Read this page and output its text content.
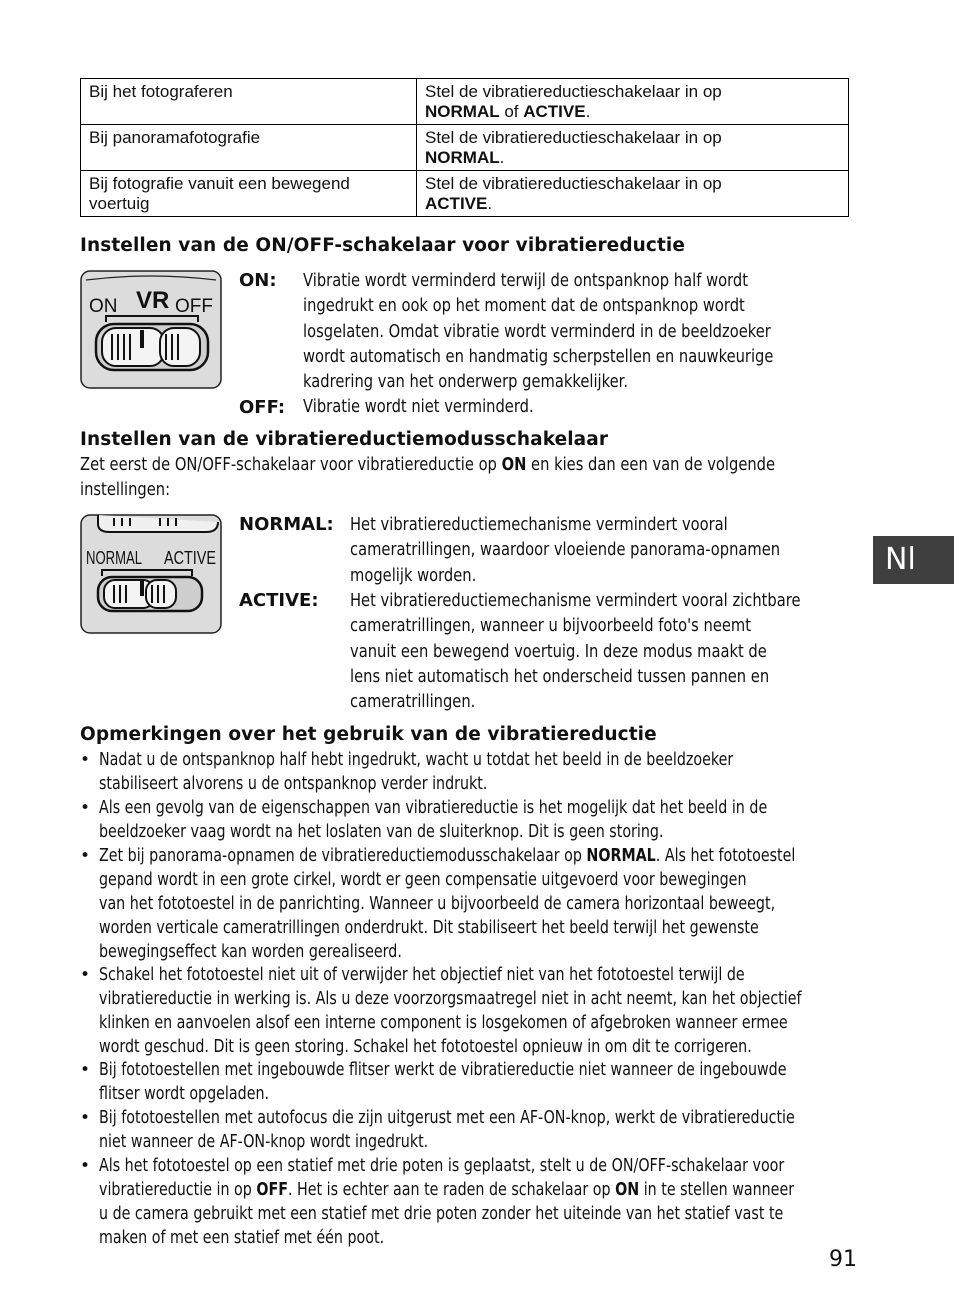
Bij het fotograferen	Stel de vibratiereductieschakelaar in op
NORMAL of ACTIVE.
Bij panoramafotografie	Stel de vibratiereductieschakelaar in op
NORMAL.
Bij fotografie vanuit een bewegend voertuig	Stel de vibratiereductieschakelaar in op
ACTIVE.
Instellen van de ON/OFF-schakelaar voor vibratiereductie
ON VR OFF
ON: Vibratie wordt verminderd terwijl de ontspanknop half wordt
ingedrukt en ook op het moment dat de ontspanknop wordt
losgelaten. Omdat vibratie wordt verminderd in de beeldzoeker
wordt automatisch en handmatig scherpstellen en nauwkeurige
kadrering van het onderwerp gemakkelijker.
OFF: Vibratie wordt niet verminderd.
Instellen van de vibratiereductiemodusschakelaar
Zet eerst de ON/OFF-schakelaar voor vibratiereductie op ON en kies dan een van de volgende
instellingen:
NORMAL ACTIVE
NORMAL: Het vibratiereductiemechanisme vermindert vooral
cameratrillingen, waardoor vloeiende panorama-opnamen
mogelijk worden.
ACTIVE: Het vibratiereductiemechanisme vermindert vooral zichtbare
cameratrillingen, wanneer u bijvoorbeeld foto's neemt
vanuit een bewegend voertuig. In deze modus maakt de
lens niet automatisch het onderscheid tussen pannen en
cameratrillingen.
Opmerkingen over het gebruik van de vibratiereductie
• Nadat u de ontspanknop half hebt ingedrukt, wacht u totdat het beeld in de beeldzoeker
stabiliseert alvorens u de ontspanknop verder indrukt.
• Als een gevolg van de eigenschappen van vibratiereductie is het mogelijk dat het beeld in de
beeldzoeker vaag wordt na het loslaten van de sluiterknop. Dit is geen storing.
• Zet bij panorama-opnamen de vibratiereductiemodusschakelaar op NORMAL. Als het fototoestel
gepand wordt in een grote cirkel, wordt er geen compensatie uitgevoerd voor bewegingen
van het fototoestel in de panrichting. Wanneer u bijvoorbeeld de camera horizontaal beweegt,
worden verticale cameratrillingen onderdrukt. Dit stabiliseert het beeld terwijl het gewenste
bewegingseffect kan worden gerealiseerd.
• Schakel het fototoestel niet uit of verwijder het objectief niet van het fototoestel terwijl de
vibratiereductie in werking is. Als u deze voorzorgsmaatregel niet in acht neemt, kan het objectief
klinken en aanvoelen alsof een interne component is losgekomen of afgebroken wanneer ermee
wordt geschud. Dit is geen storing. Schakel het fototoestel opnieuw in om dit te corrigeren.
• Bij fototoestellen met ingebouwde flitser werkt de vibratiereductie niet wanneer de ingebouwde
flitser wordt opgeladen.
• Bij fototoestellen met autofocus die zijn uitgerust met een AF-ON-knop, werkt de vibratiereductie
niet wanneer de AF-ON-knop wordt ingedrukt.
• Als het fototoestel op een statief met drie poten is geplaatst, stelt u de ON/OFF-schakelaar voor
vibratiereductie in op OFF. Het is echter aan te raden de schakelaar op ON in te stellen wanneer
u de camera gebruikt met een statief met drie poten zonder het uiteinde van het statief vast te
maken of met een statief met één poot.
Nl
91
